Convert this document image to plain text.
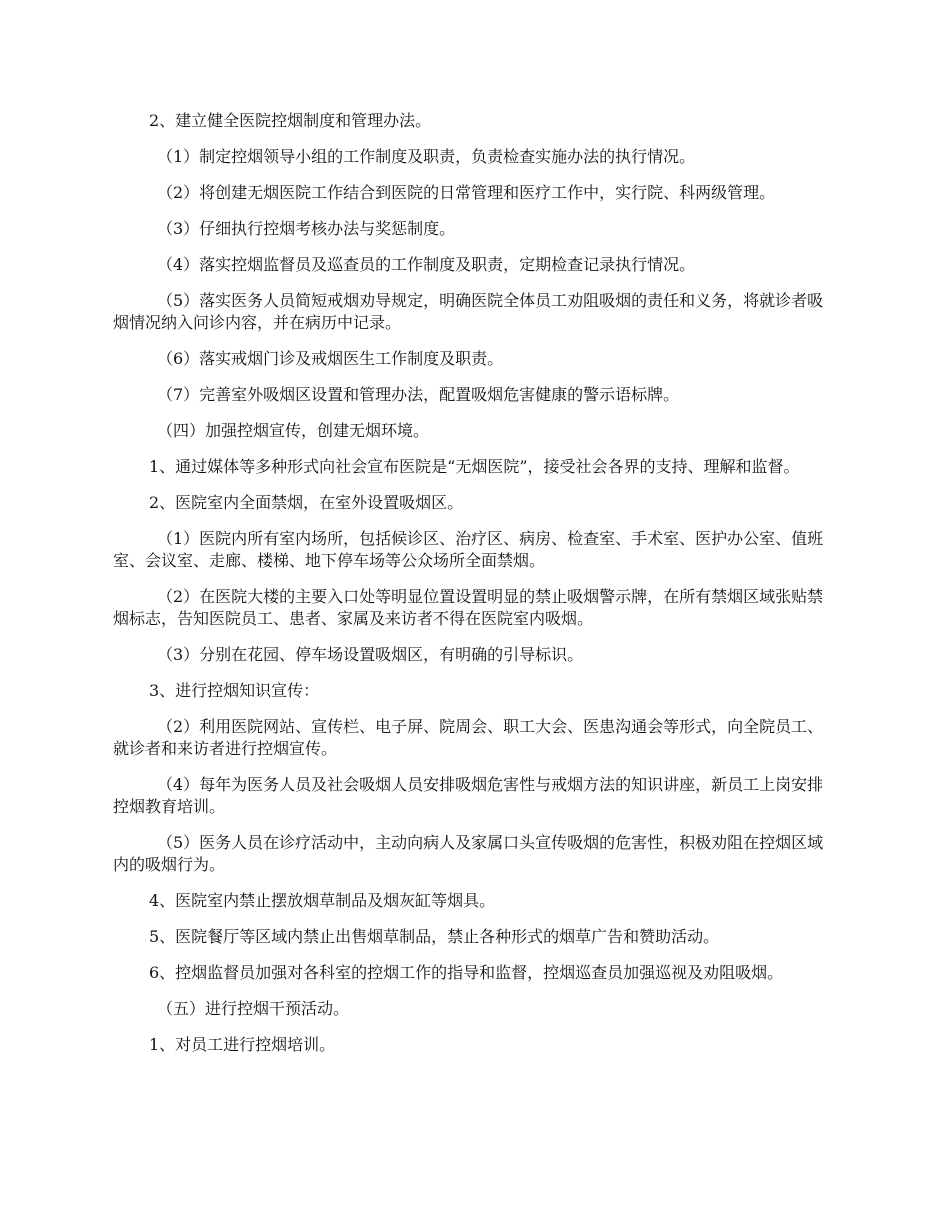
2、建立健全医院控烟制度和管理办法。

（1）制定控烟领导小组的工作制度及职责，负责检查实施办法的执行情况。

（2）将创建无烟医院工作结合到医院的日常管理和医疗工作中，实行院、科两级管理。

（3）仔细执行控烟考核办法与奖惩制度。

（4）落实控烟监督员及巡查员的工作制度及职责，定期检查记录执行情况。

（5）落实医务人员简短戒烟劝导规定，明确医院全体员工劝阻吸烟的责任和义务，将就诊者吸烟情况纳入问诊内容，并在病历中记录。

（6）落实戒烟门诊及戒烟医生工作制度及职责。

（7）完善室外吸烟区设置和管理办法，配置吸烟危害健康的警示语标牌。

（四）加强控烟宣传，创建无烟环境。

1、通过媒体等多种形式向社会宣布医院是“无烟医院”，接受社会各界的支持、理解和监督。

2、医院室内全面禁烟，在室外设置吸烟区。

（1）医院内所有室内场所，包括候诊区、治疗区、病房、检查室、手术室、医护办公室、值班室、会议室、走廊、楼梯、地下停车场等公众场所全面禁烟。

（2）在医院大楼的主要入口处等明显位置设置明显的禁止吸烟警示牌，在所有禁烟区域张贴禁烟标志，告知医院员工、患者、家属及来访者不得在医院室内吸烟。

（3）分别在花园、停车场设置吸烟区，有明确的引导标识。

3、进行控烟知识宣传：

（2）利用医院网站、宣传栏、电子屏、院周会、职工大会、医患沟通会等形式，向全院员工、就诊者和来访者进行控烟宣传。

（4）每年为医务人员及社会吸烟人员安排吸烟危害性与戒烟方法的知识讲座，新员工上岗安排控烟教育培训。

（5）医务人员在诊疗活动中，主动向病人及家属口头宣传吸烟的危害性，积极劝阻在控烟区域内的吸烟行为。

4、医院室内禁止摆放烟草制品及烟灰缸等烟具。

5、医院餐厅等区域内禁止出售烟草制品，禁止各种形式的烟草广告和赞助活动。

6、控烟监督员加强对各科室的控烟工作的指导和监督，控烟巡查员加强巡视及劝阻吸烟。

（五）进行控烟干预活动。

1、对员工进行控烟培训。
